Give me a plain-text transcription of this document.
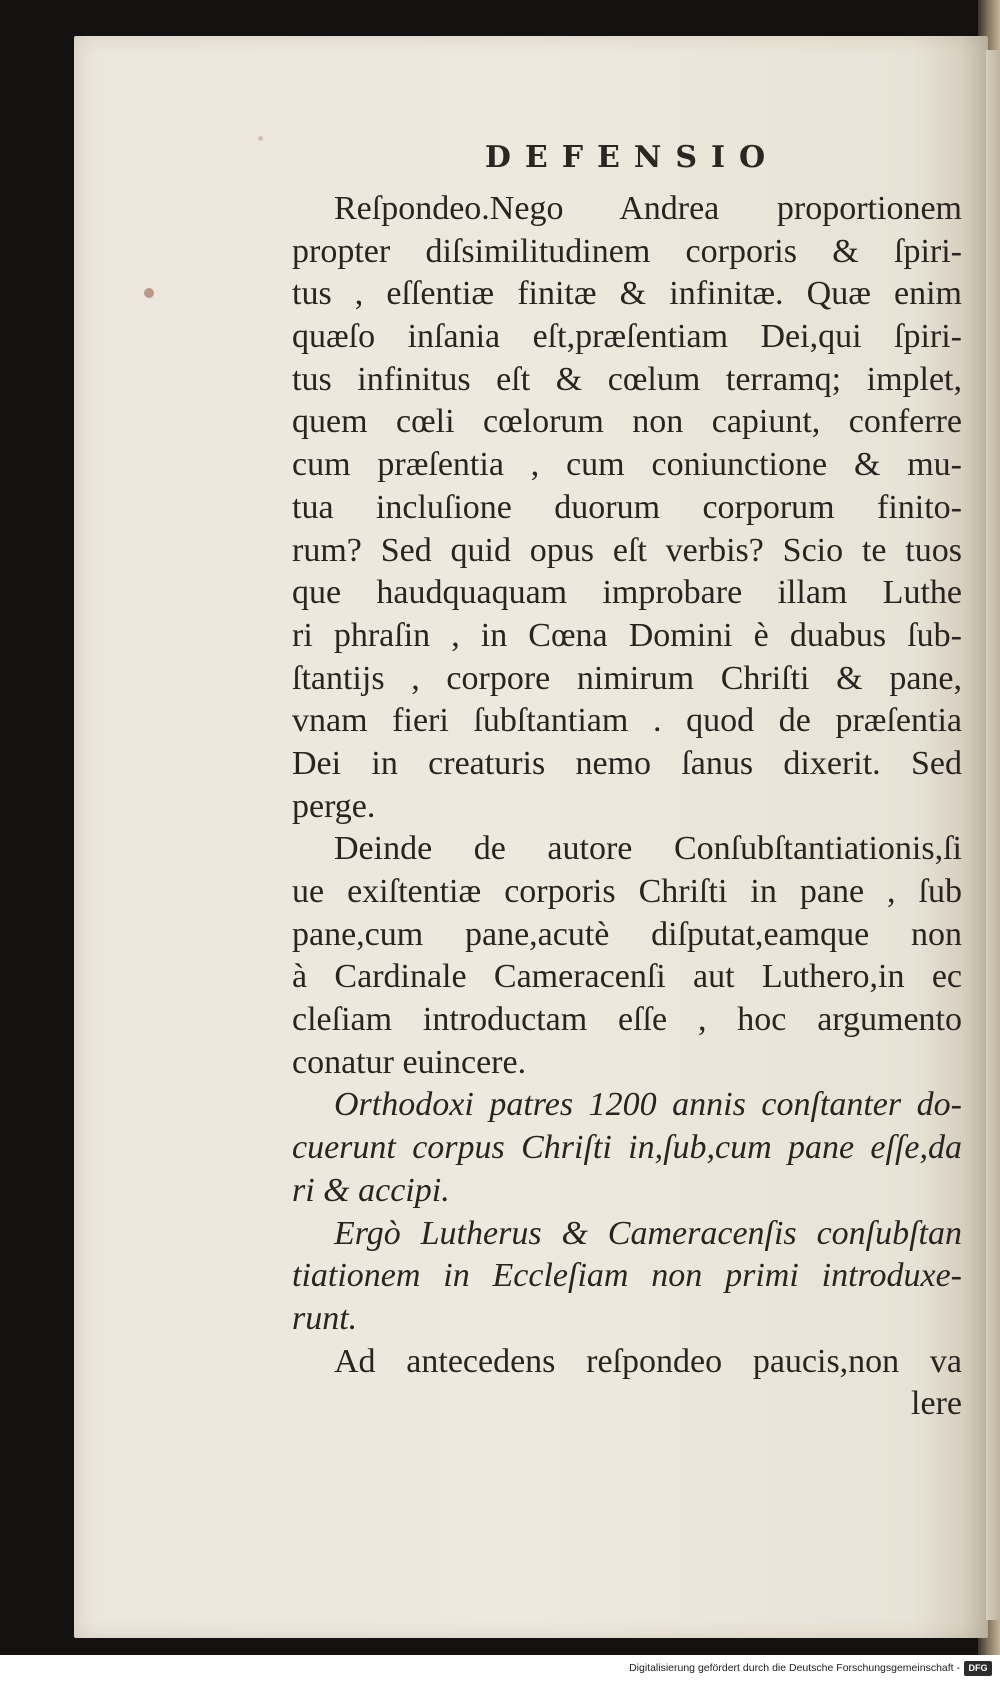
DEFENSIO
Reſpondeo.Nego Andrea proportionem
propter diſsimilitudinem corporis & ſpiri-
tus , eſſentiæ finitæ & infinitæ. Quæ enim
quæſo inſania eſt,præſentiam Dei,qui ſpiri-
tus infinitus eſt & cœlum terramq; implet,
quem cœli cœlorum non capiunt, conferre
cum præſentia , cum coniunctione & mu-
tua incluſione duorum corporum finito-
rum? Sed quid opus eſt verbis? Scio te tuos
que haudquaquam improbare illam Luthe
ri phraſin , in Cœna Domini è duabus ſub-
ſtantijs , corpore nimirum Chriſti & pane,
vnam fieri ſubſtantiam . quod de præſentia
Dei in creaturis nemo ſanus dixerit. Sed
perge.
Deinde de autore Conſubſtantiationis,ſi
ue exiſtentiæ corporis Chriſti in pane , ſub
pane,cum pane,acutè diſputat,eamque non
à Cardinale Cameracenſi aut Luthero,in ec
cleſiam introductam eſſe , hoc argumento
conatur euincere.
Orthodoxi patres 1200 annis conſtanter do-
cuerunt corpus Chriſti in,ſub,cum pane eſſe,da
ri & accipi.
Ergò Lutherus & Cameracenſis conſubſtan
tiationem in Eccleſiam non primi introduxe-
runt.
Ad antecedens reſpondeo paucis,non va
lere
Digitalisierung gefördert durch die Deutsche Forschungsgemeinschaft - DFG
